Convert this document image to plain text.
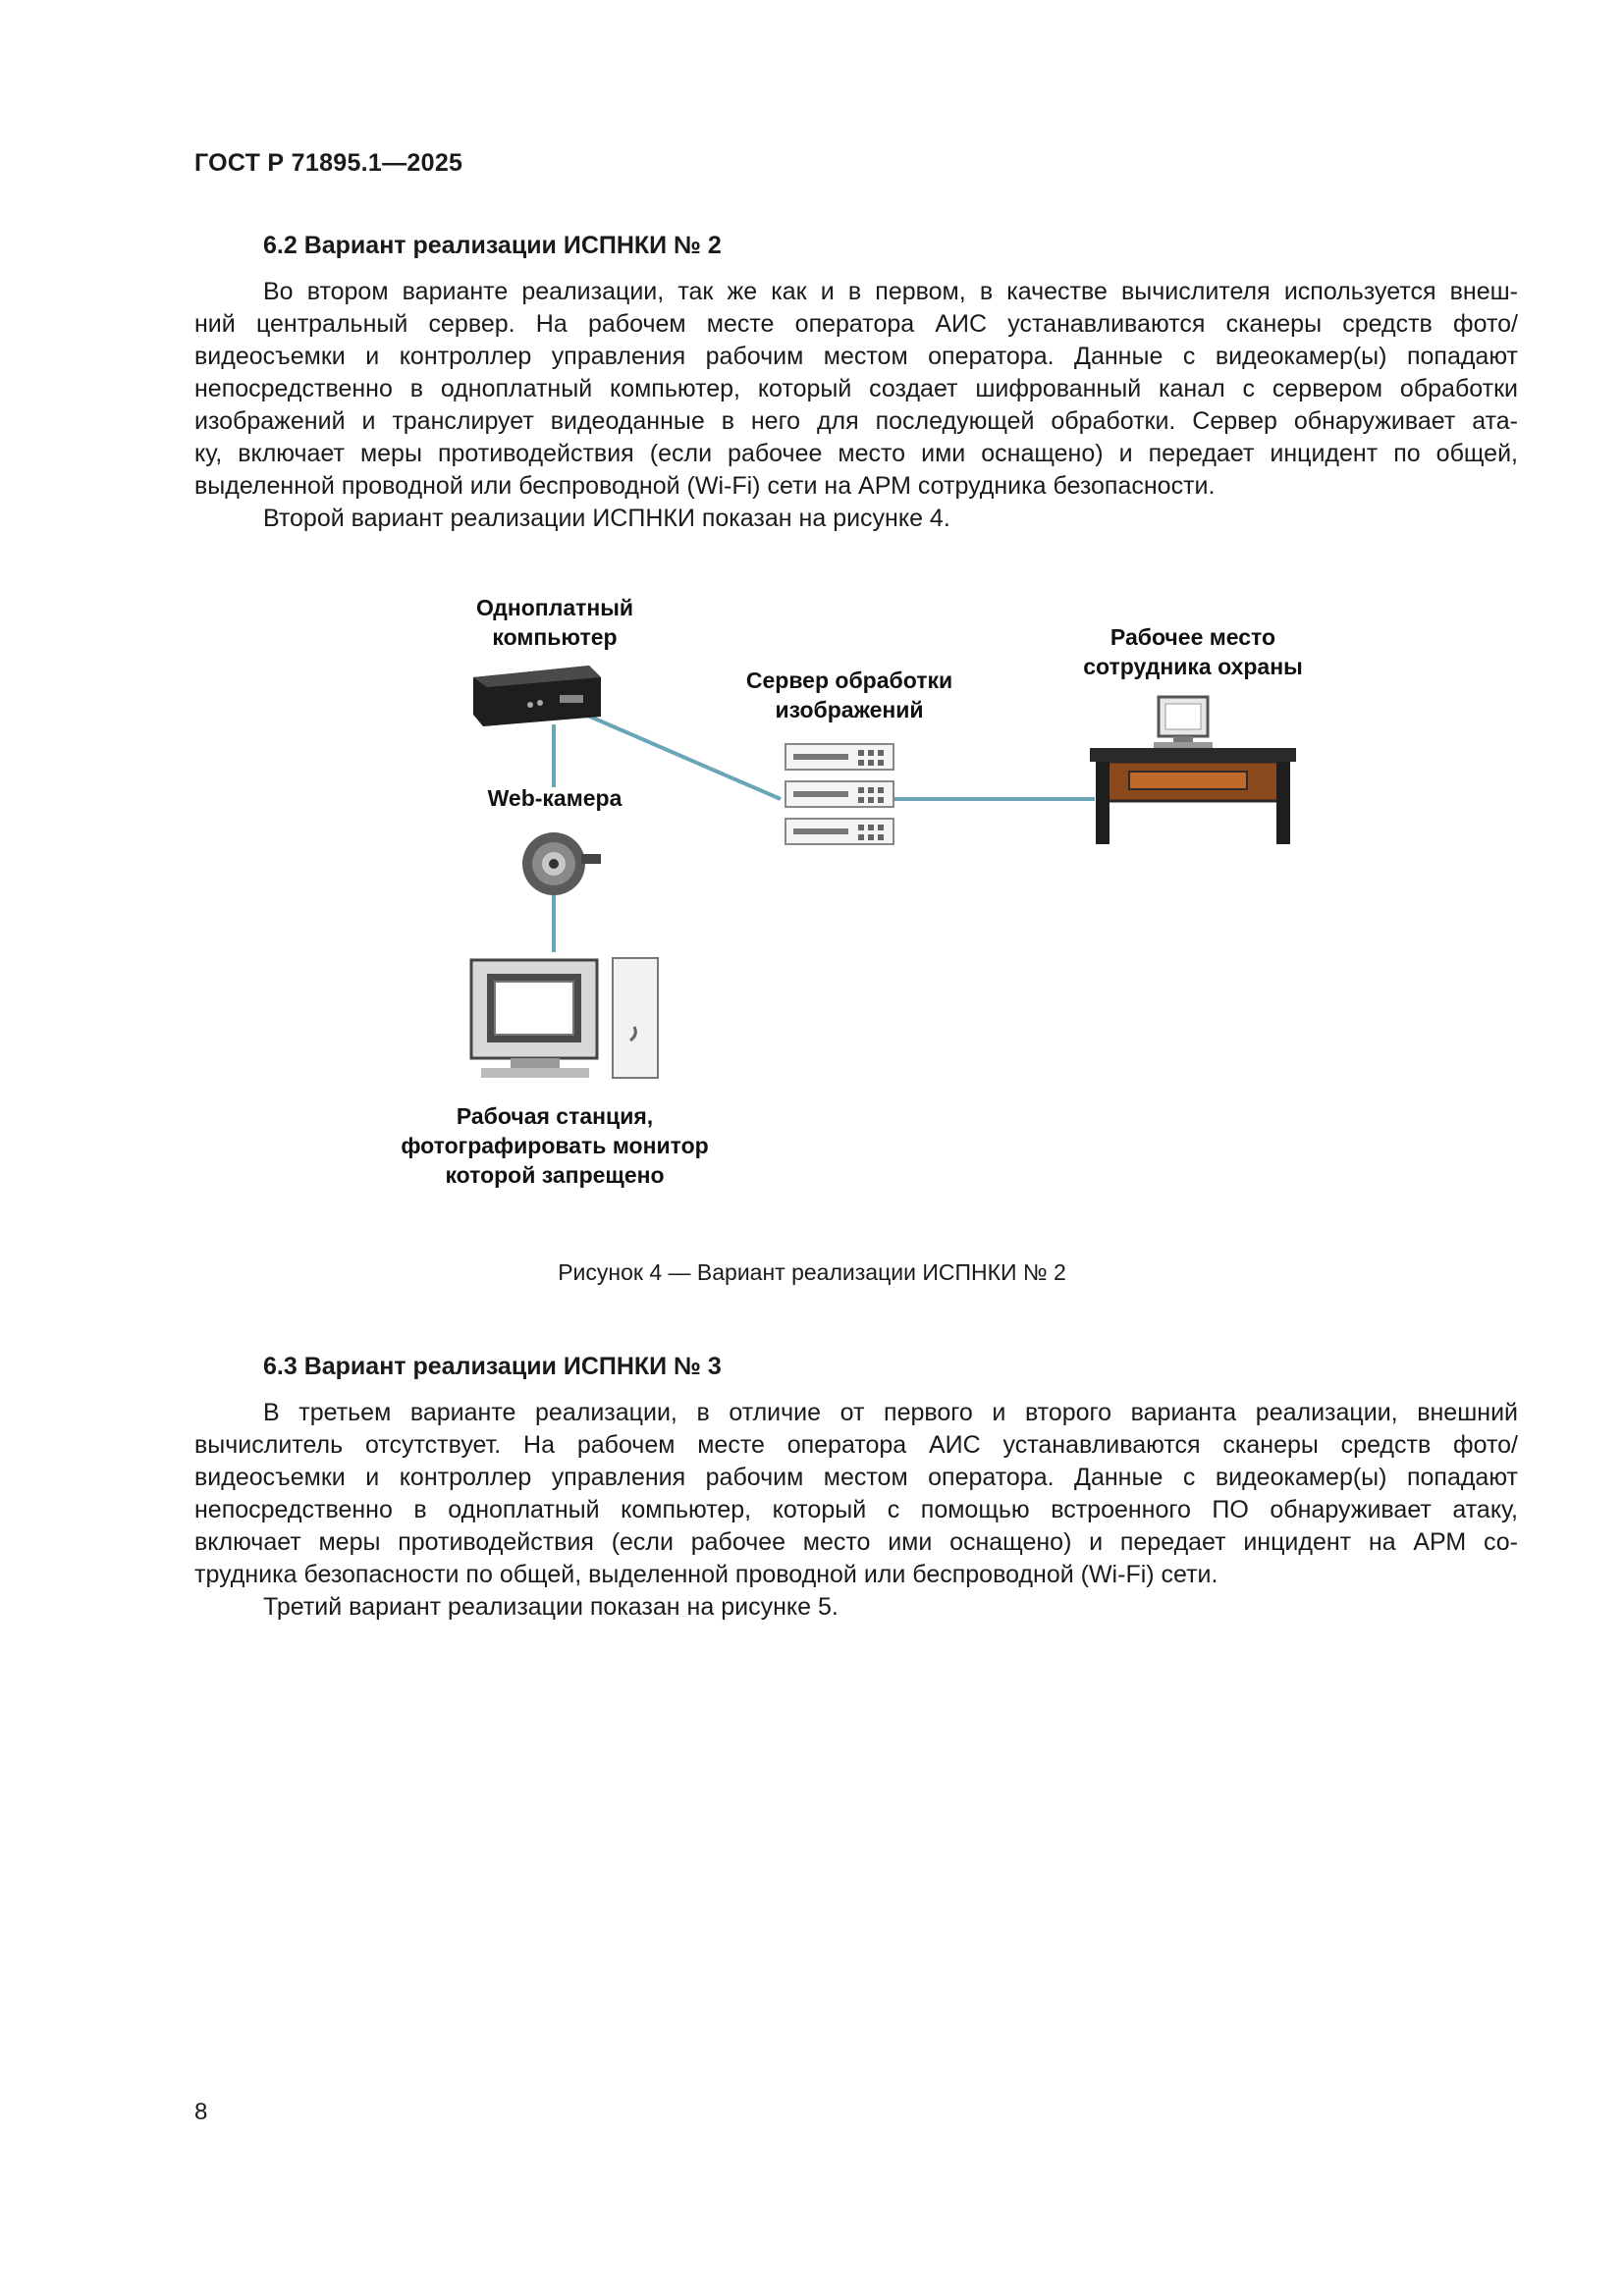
ГОСТ Р 71895.1—2025
6.2 Вариант реализации ИСПНКИ № 2
Во втором варианте реализации, так же как и в первом, в качестве вычислителя используется внеш-
ний центральный сервер. На рабочем месте оператора АИС устанавливаются сканеры средств фото/
видеосъемки и контроллер управления рабочим местом оператора. Данные с видеокамер(ы) попадают
непосредственно в одноплатный компьютер, который создает шифрованный канал с сервером обработки
изображений и транслирует видеоданные в него для последующей обработки. Сервер обнаруживает ата-
ку, включает меры противодействия (если рабочее место ими оснащено) и передает инцидент по общей,
выделенной проводной или беспроводной (Wi-Fi) сети на АРМ сотрудника безопасности.
Второй вариант реализации ИСПНКИ показан на рисунке 4.
Одноплатный
компьютер
Web-камера
Сервер обработки
изображений
Рабочее место
сотрудника охраны
Рабочая станция,
фотографировать монитор
которой запрещено
Рисунок 4 — Вариант реализации ИСПНКИ № 2
6.3 Вариант реализации ИСПНКИ № 3
В третьем варианте реализации, в отличие от первого и второго варианта реализации, внешний
вычислитель отсутствует. На рабочем месте оператора АИС устанавливаются сканеры средств фото/
видеосъемки и контроллер управления рабочим местом оператора. Данные с видеокамер(ы) попадают
непосредственно в одноплатный компьютер, который с помощью встроенного ПО обнаруживает атаку,
включает меры противодействия (если рабочее место ими оснащено) и передает инцидент на АРМ со-
трудника безопасности по общей, выделенной проводной или беспроводной (Wi-Fi) сети.
Третий вариант реализации показан на рисунке 5.
8
